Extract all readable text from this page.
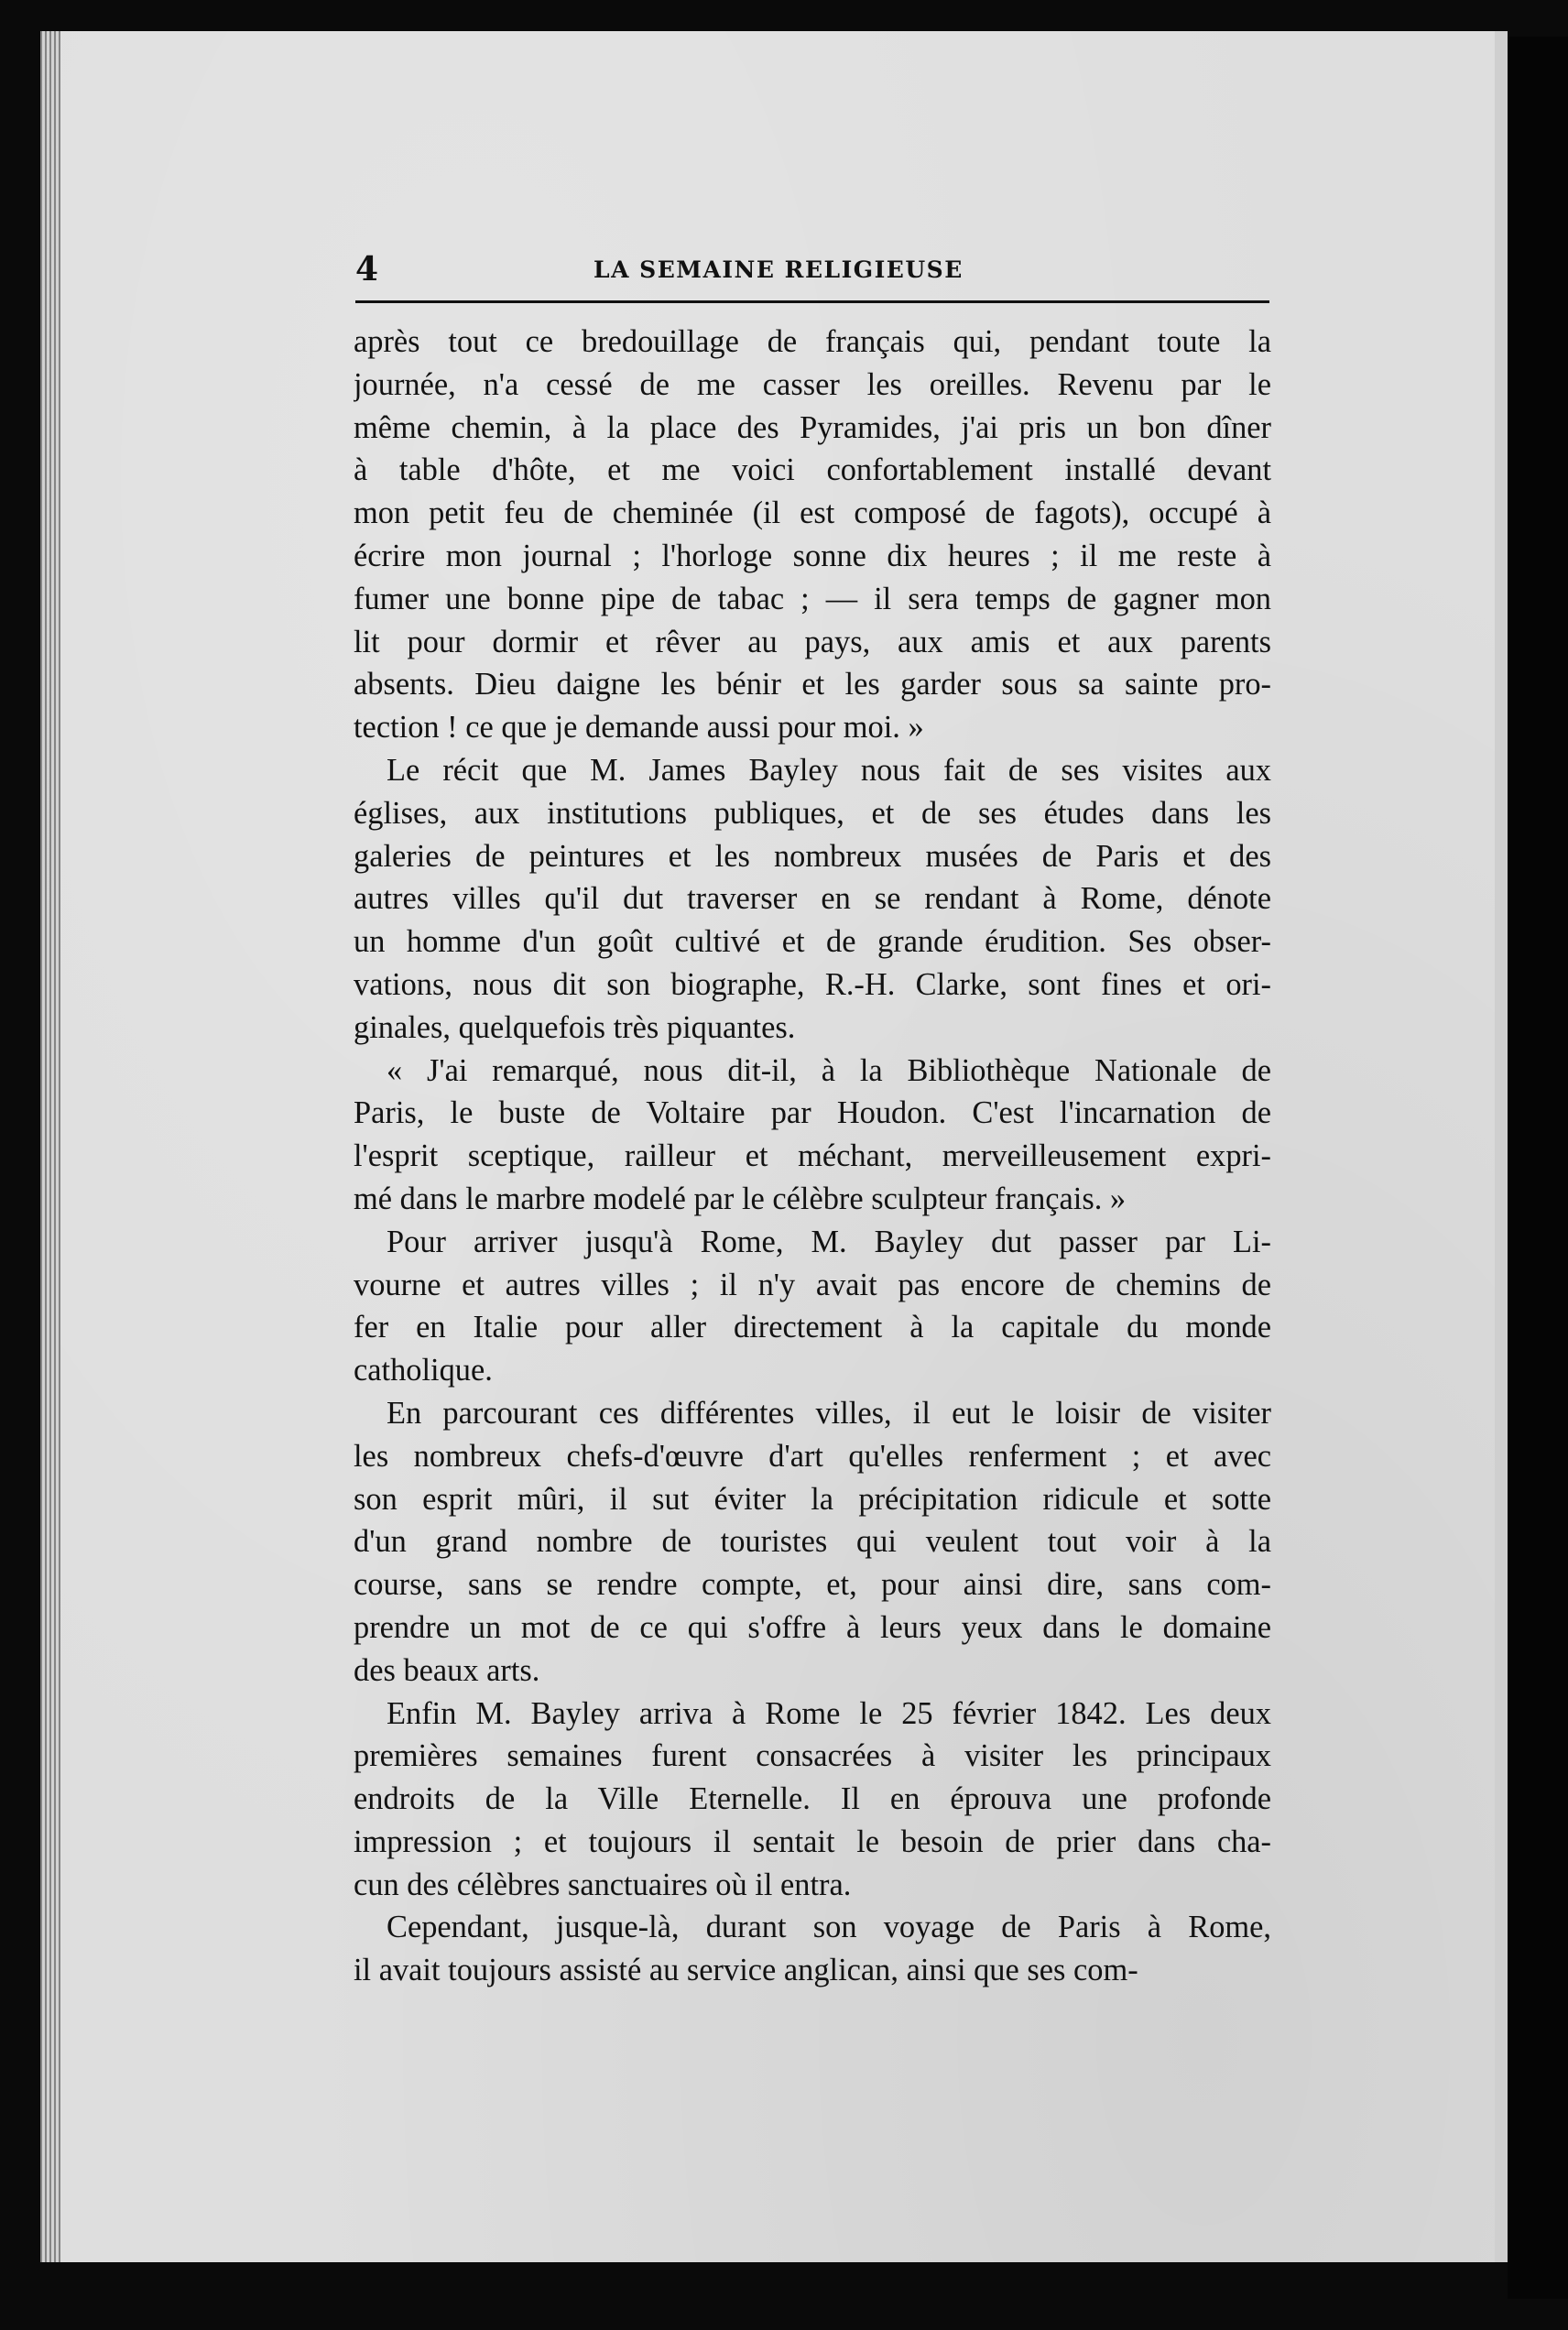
4	LA SEMAINE RELIGIEUSE
après tout ce bredouillage de français qui, pendant toute la
journée, n'a cessé de me casser les oreilles. Revenu par le
même chemin, à la place des Pyramides, j'ai pris un bon dîner
à table d'hôte, et me voici confortablement installé devant
mon petit feu de cheminée (il est composé de fagots), occupé à
écrire mon journal ; l'horloge sonne dix heures ; il me reste à
fumer une bonne pipe de tabac ; — il sera temps de gagner mon
lit pour dormir et rêver au pays, aux amis et aux parents
absents. Dieu daigne les bénir et les garder sous sa sainte pro-
tection ! ce que je demande aussi pour moi. »
Le récit que M. James Bayley nous fait de ses visites aux
églises, aux institutions publiques, et de ses études dans les
galeries de peintures et les nombreux musées de Paris et des
autres villes qu'il dut traverser en se rendant à Rome, dénote
un homme d'un goût cultivé et de grande érudition. Ses obser-
vations, nous dit son biographe, R.-H. Clarke, sont fines et ori-
ginales, quelquefois très piquantes.
« J'ai remarqué, nous dit-il, à la Bibliothèque Nationale de
Paris, le buste de Voltaire par Houdon. C'est l'incarnation de
l'esprit sceptique, railleur et méchant, merveilleusement expri-
mé dans le marbre modelé par le célèbre sculpteur français. »
Pour arriver jusqu'à Rome, M. Bayley dut passer par Li-
vourne et autres villes ; il n'y avait pas encore de chemins de
fer en Italie pour aller directement à la capitale du monde
catholique.
En parcourant ces différentes villes, il eut le loisir de visiter
les nombreux chefs-d'œuvre d'art qu'elles renferment ; et avec
son esprit mûri, il sut éviter la précipitation ridicule et sotte
d'un grand nombre de touristes qui veulent tout voir à la
course, sans se rendre compte, et, pour ainsi dire, sans com-
prendre un mot de ce qui s'offre à leurs yeux dans le domaine
des beaux arts.
Enfin M. Bayley arriva à Rome le 25 février 1842. Les deux
premières semaines furent consacrées à visiter les principaux
endroits de la Ville Eternelle. Il en éprouva une profonde
impression ; et toujours il sentait le besoin de prier dans cha-
cun des célèbres sanctuaires où il entra.
Cependant, jusque-là, durant son voyage de Paris à Rome,
il avait toujours assisté au service anglican, ainsi que ses com-
